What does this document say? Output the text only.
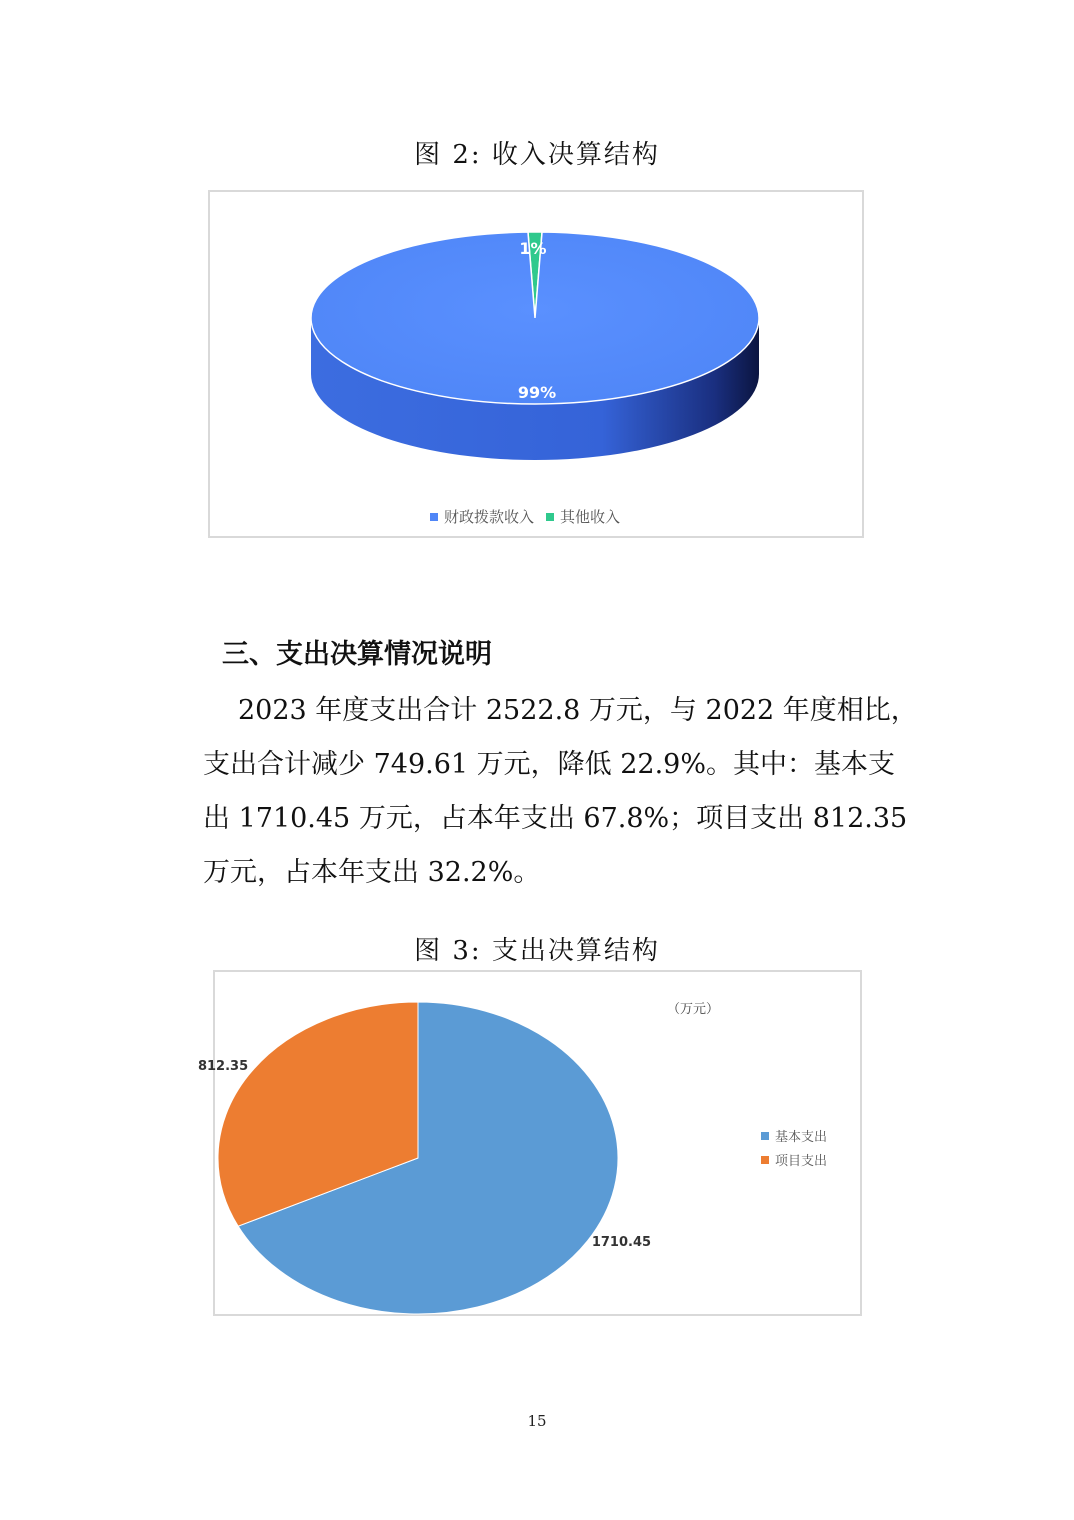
图 2: 收入决算结构
99%
1%
财政拨款收入 其他收入
三、支出决算情况说明
2023 年度支出合计 2522.8 万元，与 2022 年度相比，
支出合计减少 749.61 万元，降低 22.9%。其中：基本支
出 1710.45 万元，占本年支出 67.8%；项目支出 812.35
万元，占本年支出 32.2%。
图 3: 支出决算结构
1710.45
812.35
（万元）
基本支出
项目支出
15
